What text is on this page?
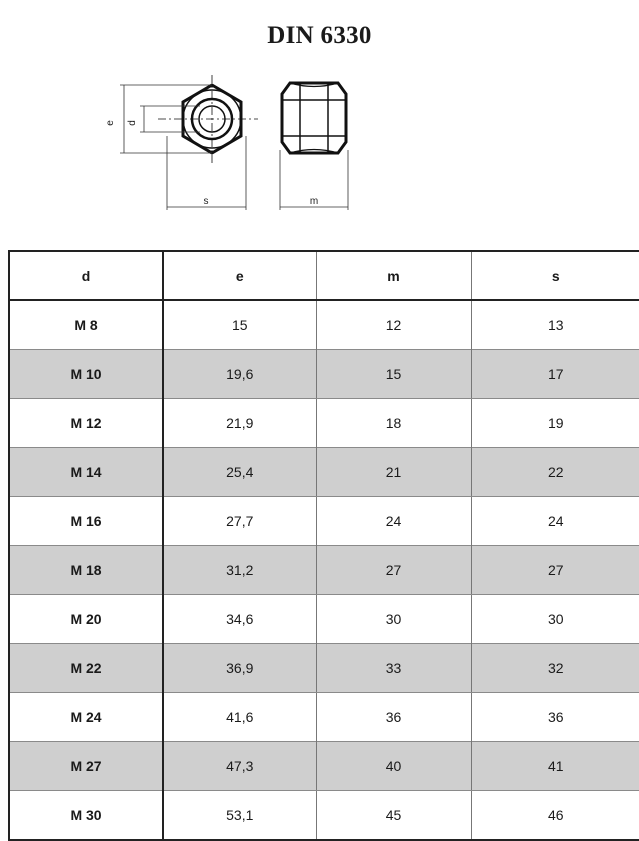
DIN 6330
e d
s	m
d	e	m	s
M 8	15	12	13
M 10	19,6	15	17
M 12	21,9	18	19
M 14	25,4	21	22
M 16	27,7	24	24
M 18	31,2	27	27
M 20	34,6	30	30
M 22	36,9	33	32
M 24	41,6	36	36
M 27	47,3	40	41
M 30	53,1	45	46
